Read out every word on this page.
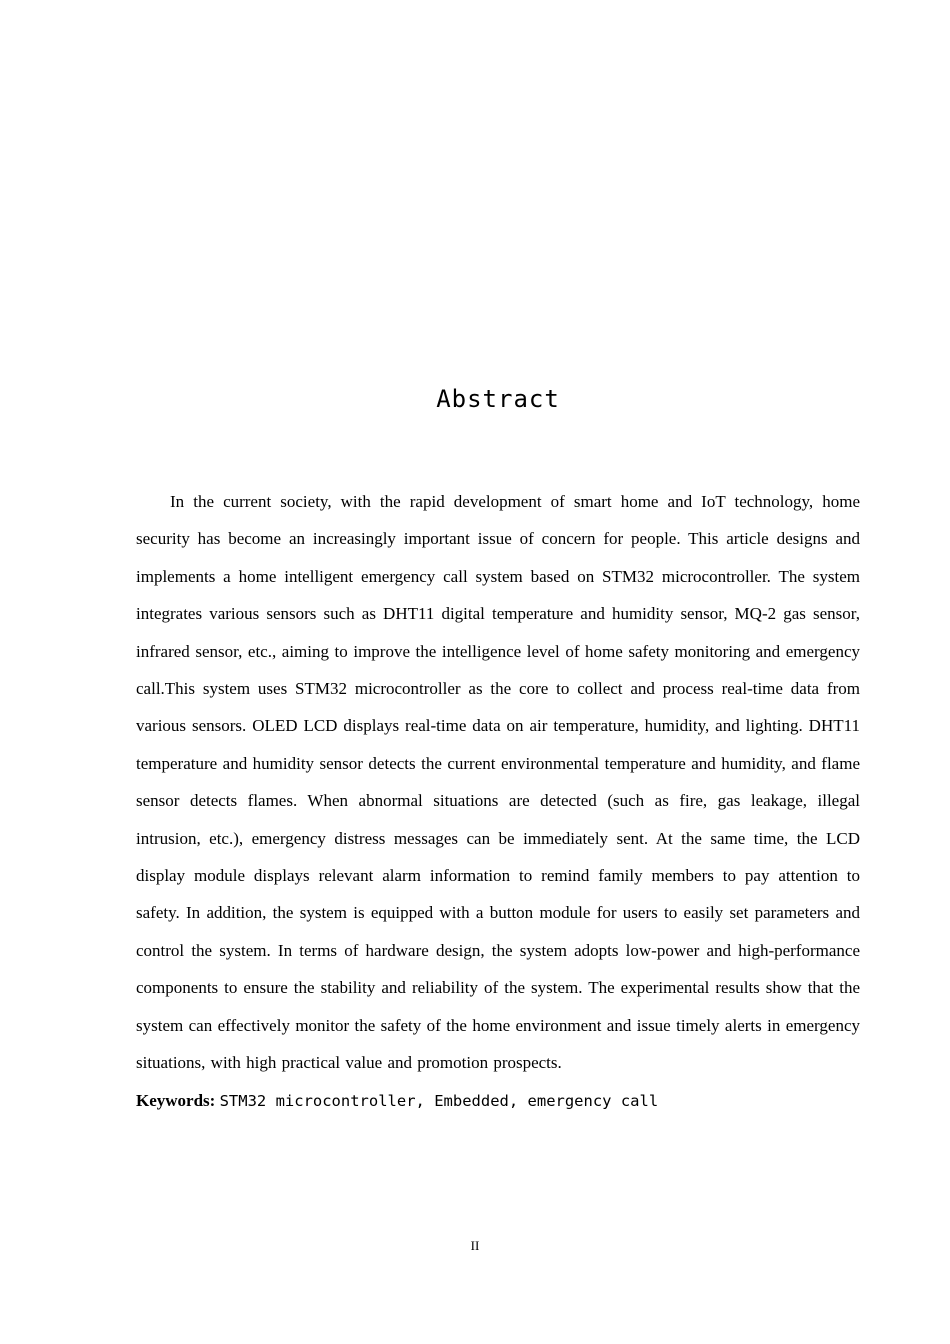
Abstract

In the current society, with the rapid development of smart home and IoT technology, home security has become an increasingly important issue of concern for people. This article designs and implements a home intelligent emergency call system based on STM32 microcontroller. The system integrates various sensors such as DHT11 digital temperature and humidity sensor, MQ-2 gas sensor, infrared sensor, etc., aiming to improve the intelligence level of home safety monitoring and emergency call.This system uses STM32 microcontroller as the core to collect and process real-time data from various sensors. OLED LCD displays real-time data on air temperature, humidity, and lighting. DHT11 temperature and humidity sensor detects the current environmental temperature and humidity, and flame sensor detects flames. When abnormal situations are detected (such as fire, gas leakage, illegal intrusion, etc.), emergency distress messages can be immediately sent. At the same time, the LCD display module displays relevant alarm information to remind family members to pay attention to safety. In addition, the system is equipped with a button module for users to easily set parameters and control the system. In terms of hardware design, the system adopts low-power and high-performance components to ensure the stability and reliability of the system. The experimental results show that the system can effectively monitor the safety of the home environment and issue timely alerts in emergency situations, with high practical value and promotion prospects.

Keywords: STM32 microcontroller, Embedded, emergency call

II
